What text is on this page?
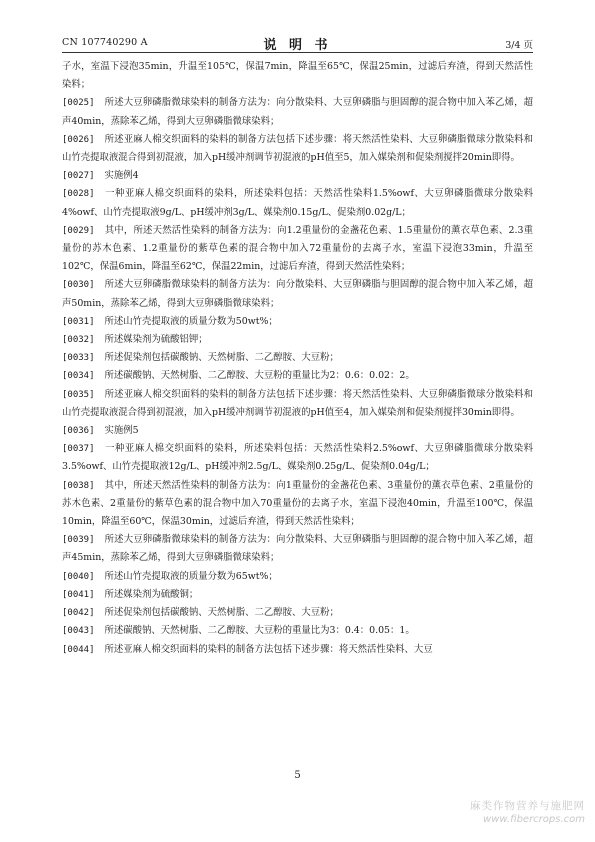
CN 107740290 A	说 明 书	3/4 页
子水，室温下浸泡35min，升温至105℃，保温7min，降温至65℃，保温25min，过滤后弃渣，得到天然活性染料；
[0025] 所述大豆卵磷脂微球染料的制备方法为：向分散染料、大豆卵磷脂与胆固醇的混合物中加入苯乙烯，超声40min，蒸除苯乙烯，得到大豆卵磷脂微球染料；
[0026] 所述亚麻人棉交织面料的染料的制备方法包括下述步骤：将天然活性染料、大豆卵磷脂微球分散染料和山竹壳提取液混合得到初混液，加入pH缓冲剂调节初混液的pH值至5，加入媒染剂和促染剂搅拌20min即得。
[0027] 实施例4
[0028] 一种亚麻人棉交织面料的染料，所述染料包括：天然活性染料1.5%owf、大豆卵磷脂微球分散染料4%owf、山竹壳提取液9g/L、pH缓冲剂3g/L、媒染剂0.15g/L、促染剂0.02g/L；
[0029] 其中，所述天然活性染料的制备方法为：向1.2重量份的金盏花色素、1.5重量份的薰衣草色素、2.3重量份的苏木色素、1.2重量份的紫草色素的混合物中加入72重量份的去离子水，室温下浸泡33min，升温至102℃，保温6min，降温至62℃，保温22min，过滤后弃渣，得到天然活性染料；
[0030] 所述大豆卵磷脂微球染料的制备方法为：向分散染料、大豆卵磷脂与胆固醇的混合物中加入苯乙烯，超声50min，蒸除苯乙烯，得到大豆卵磷脂微球染料；
[0031] 所述山竹壳提取液的质量分数为50wt%；
[0032] 所述媒染剂为硫酸铝钾；
[0033] 所述促染剂包括碳酸钠、天然树脂、二乙醇胺、大豆粉；
[0034] 所述碳酸钠、天然树脂、二乙醇胺、大豆粉的重量比为2：0.6：0.02：2。
[0035] 所述亚麻人棉交织面料的染料的制备方法包括下述步骤：将天然活性染料、大豆卵磷脂微球分散染料和山竹壳提取液混合得到初混液，加入pH缓冲剂调节初混液的pH值至4，加入媒染剂和促染剂搅拌30min即得。
[0036] 实施例5
[0037] 一种亚麻人棉交织面料的染料，所述染料包括：天然活性染料2.5%owf、大豆卵磷脂微球分散染料3.5%owf、山竹壳提取液12g/L、pH缓冲剂2.5g/L、媒染剂0.25g/L、促染剂0.04g/L；
[0038] 其中，所述天然活性染料的制备方法为：向1重量份的金盏花色素、3重量份的薰衣草色素、2重量份的苏木色素、2重量份的紫草色素的混合物中加入70重量份的去离子水，室温下浸泡40min，升温至100℃，保温10min，降温至60℃，保温30min，过滤后弃渣，得到天然活性染料；
[0039] 所述大豆卵磷脂微球染料的制备方法为：向分散染料、大豆卵磷脂与胆固醇的混合物中加入苯乙烯，超声45min，蒸除苯乙烯，得到大豆卵磷脂微球染料；
[0040] 所述山竹壳提取液的质量分数为65wt%；
[0041] 所述媒染剂为硫酸铜；
[0042] 所述促染剂包括碳酸钠、天然树脂、二乙醇胺、大豆粉；
[0043] 所述碳酸钠、天然树脂、二乙醇胺、大豆粉的重量比为3：0.4：0.05：1。
[0044] 所述亚麻人棉交织面料的染料的制备方法包括下述步骤：将天然活性染料、大豆
5
麻类作物营养与施肥网
www.fibercrops.com
